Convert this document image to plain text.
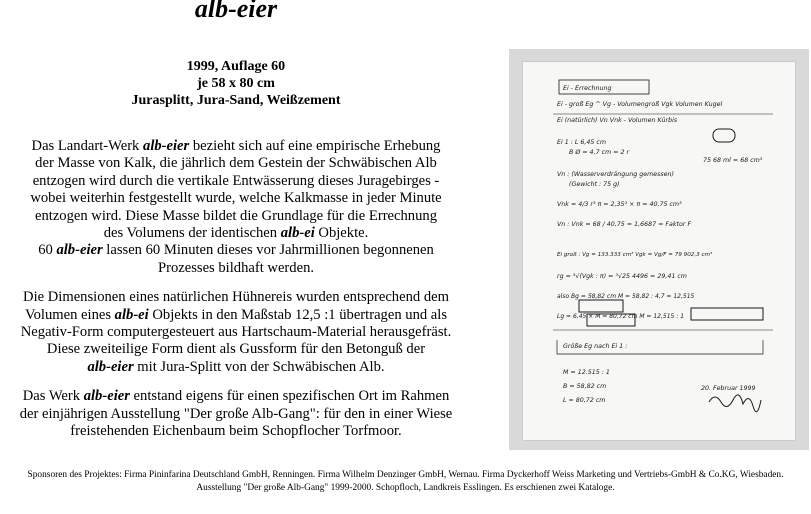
alb-eier
1999, Auflage 60
je 58 x 80 cm
Jurasplitt, Jura-Sand, Weißzement
Das Landart-Werk alb-eier bezieht sich auf eine empirische Erhebung
der Masse von Kalk, die jährlich dem Gestein der Schwäbischen Alb
entzogen wird durch die vertikale Entwässerung dieses Juragebirges -
wobei weiterhin festgestellt wurde, welche Kalkmasse in jeder Minute
entzogen wird. Diese Masse bildet die Grundlage für die Errechnung
des Volumens der identischen alb-ei Objekte.
60 alb-eier lassen 60 Minuten dieses vor Jahrmillionen begonnenen
Prozesses bildhaft werden.
Die Dimensionen eines natürlichen Hühnereis wurden entsprechend dem
Volumen eines alb-ei Objekts in den Maßstab 12,5 :1 übertragen und als
Negativ-Form computergesteuert aus Hartschaum-Material herausgefräst.
Diese zweiteilige Form dient als Gussform für den Betonguß der
alb-eier mit Jura-Splitt von der Schwäbischen Alb.
Das Werk alb-eier entstand eigens für einen spezifischen Ort im Rahmen
der einjährigen Ausstellung "Der große Alb-Gang": für den in einer Wiese
freistehenden Eichenbaum beim Schopflocher Torfmoor.
Ei - Errechnung
Ei - groß Eg ^ Vg - Volumengroß Vgk Volumen Kugel
Ei (natürlich) Vn Vnk - Volumen Kürbis
Ei 1 : L 6,45 cm
B Ø = 4,7 cm = 2 r
75 68 ml = 68 cm³
Vn : (Wasserverdrängung gemessen)
(Gewicht : 75 g)
Vnk = 4/3 r³ π = 2,35³ × π = 40,75 cm³
Vn : Vnk = 68 / 40,75 = 1,6687 = Faktor F
Ei groß : Vg = 133.333 cm³ Vgk = Vg/F = 79 902,3 cm³
rg = ³√(Vgk : π) = ³√25 4496 = 29,41 cm
also Bg = 58,82 cm M = 58,82 : 4,7 = 12,515
Lg = 6,45 × M = 80,72 cm M = 12,515 : 1
Größe Eg nach Ei 1 :
M = 12.515 : 1
B = 58,82 cm
L = 80,72 cm
20. Februar 1999
Sponsoren des Projektes: Firma Pininfarina Deutschland GmbH, Renningen. Firma Wilhelm Denzinger GmbH, Wernau. Firma Dyckerhoff Weiss Marketing und Vertriebs-GmbH & Co.KG, Wiesbaden.
Ausstellung "Der große Alb-Gang" 1999-2000. Schopfloch, Landkreis Esslingen. Es erschienen zwei Kataloge.
